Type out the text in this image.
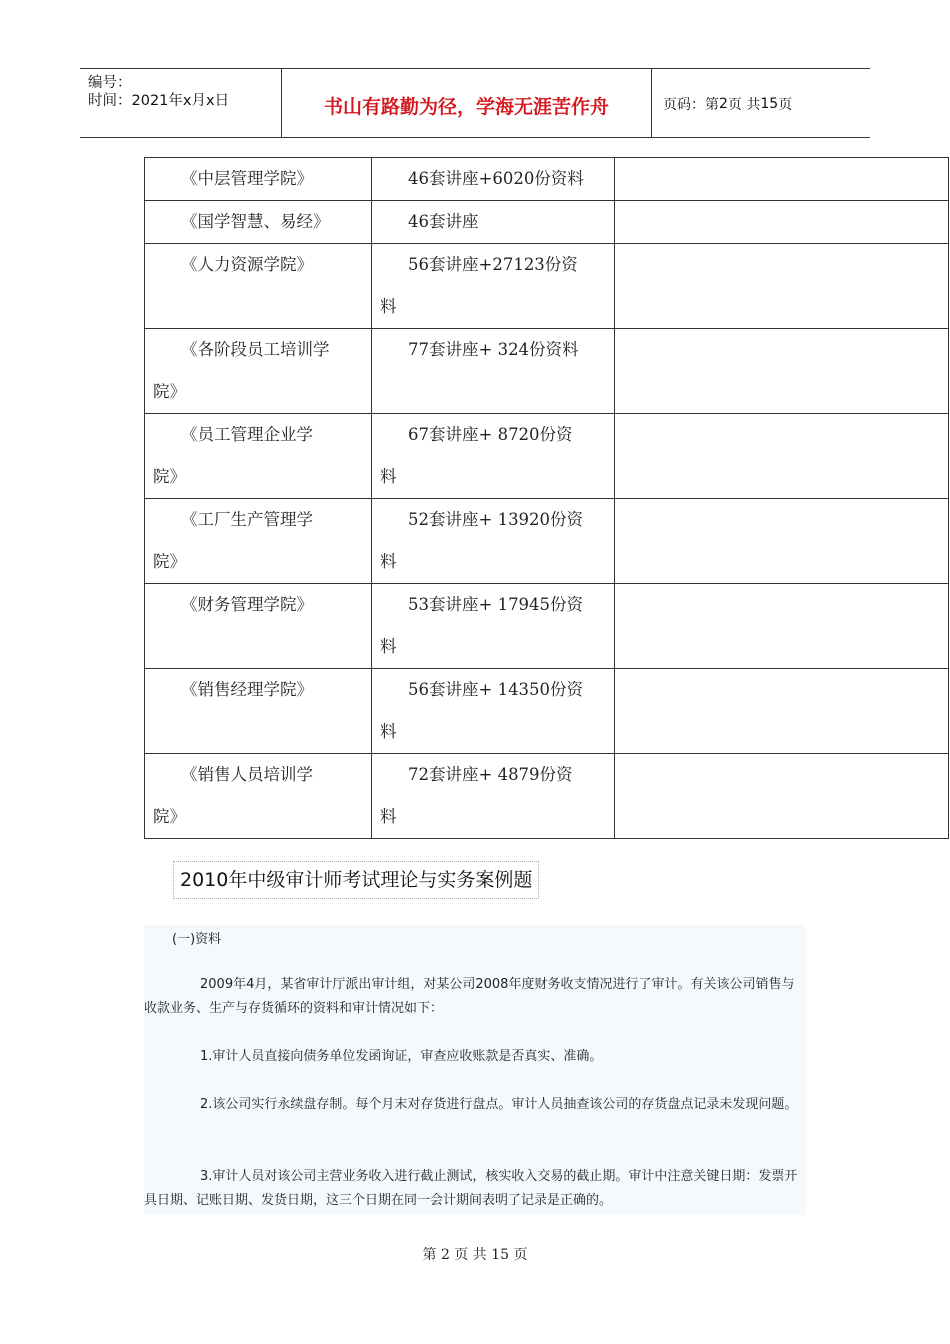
编号：
时间：2021年x月x日	书山有路勤为径，学海无涯苦作舟	页码：第 2 页 共 15 页
《中层管理学院》	46套讲座+6020份资料	

《国学智慧、易经》	46套讲座	

《人力资源学院》	56套讲座+27123份资
料	

《各阶段员工培训学
院》	77套讲座+ 324份资料	

《员工管理企业学
院》	67套讲座+ 8720份资
料	

《工厂生产管理学
院》	52套讲座+ 13920份资
料	

《财务管理学院》	53套讲座+ 17945份资
料	

《销售经理学院》	56套讲座+ 14350份资
料	

《销售人员培训学
院》	72套讲座+ 4879份资
料	

2010年中级审计师考试理论与实务案例题

(一)资料

2009年4月，某省审计厅派出审计组，对某公司2008年度财务收支情况进行了审计。有关该公司销售与收款业务、生产与存货循环的资料和审计情况如下：

1.审计人员直接向债务单位发函询证，审查应收账款是否真实、准确。

2.该公司实行永续盘存制。每个月末对存货进行盘点。审计人员抽查该公司的存货盘点记录未发现问题。

3.审计人员对该公司主营业务收入进行截止测试，核实收入交易的截止期。审计中注意关键日期：发票开具日期、记账日期、发货日期，这三个日期在同一会计期间表明了记录是正确的。

第 2 页 共 15 页
